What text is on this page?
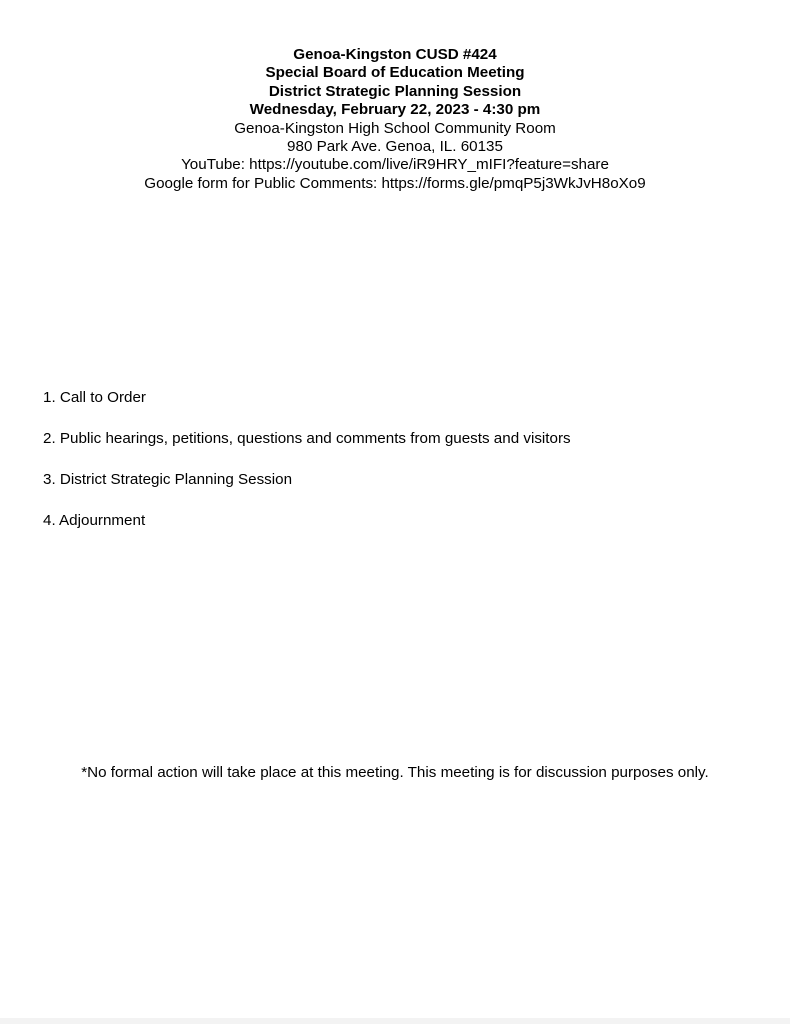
Genoa-Kingston CUSD #424
Special Board of Education Meeting
District Strategic Planning Session
Wednesday, February 22, 2023 - 4:30 pm
Genoa-Kingston High School Community Room
980 Park Ave. Genoa, IL. 60135
YouTube: https://youtube.com/live/iR9HRY_mIFI?feature=share
Google form for Public Comments: https://forms.gle/pmqP5j3WkJvH8oXo9
1. Call to Order
2. Public hearings, petitions, questions and comments from guests and visitors
3. District Strategic Planning Session
4. Adjournment
*No formal action will take place at this meeting. This meeting is for discussion purposes only.
